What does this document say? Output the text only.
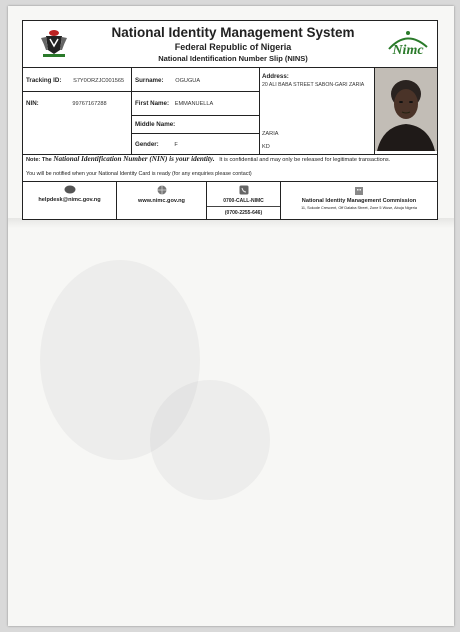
National Identity Management System
Federal Republic of Nigeria
National Identification Number Slip (NINS)
Nimc
Tracking ID: S7Y0ORZJC001565 Surname: OGUGUA
NIN:	99767167288	First Name: EMMANUELLA
Middle Name:
Gender:	F
Address:
20 ALI BABA STREET SABON-GARI ZARIA
ZARIA
KD
Note: The National Identification Number (NIN) is your identity. It is confidential and may only be released for legitimate transactions.
You will be notified when your National Identity Card is ready (for any enquiries please contact)
helpdesk@nimc.gov.ng	www.nimc.gov.ng	0700-CALL-NIMC
(0700-2255-646)
National Identity Management Commission
11, Sokode Crescent, Off Dalaba Street, Zone 5 Wuse, Abuja Nigeria
